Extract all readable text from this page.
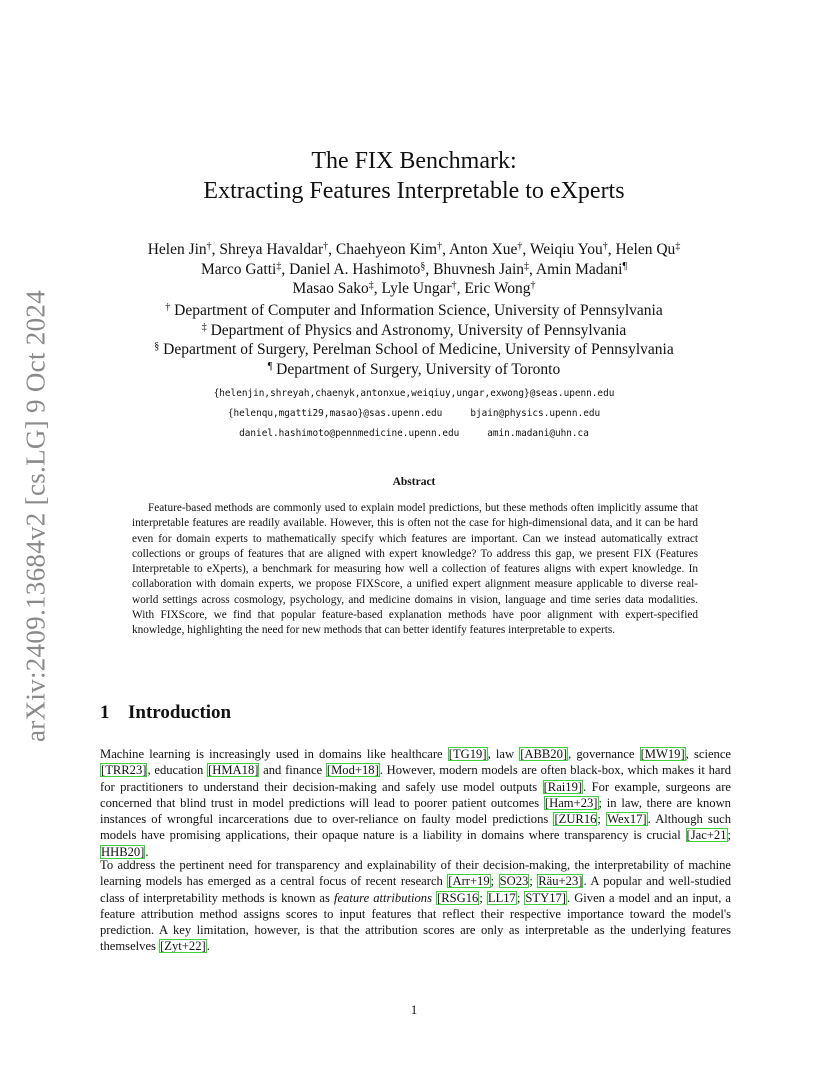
arXiv:2409.13684v2 [cs.LG] 9 Oct 2024
The FIX Benchmark:
Extracting Features Interpretable to eXperts
Helen Jin†, Shreya Havaldar†, Chaehyeon Kim†, Anton Xue†, Weiqiu You†, Helen Qu‡
Marco Gatti‡, Daniel A. Hashimoto§, Bhuvnesh Jain‡, Amin Madani¶
Masao Sako‡, Lyle Ungar†, Eric Wong†
† Department of Computer and Information Science, University of Pennsylvania
‡ Department of Physics and Astronomy, University of Pennsylvania
§ Department of Surgery, Perelman School of Medicine, University of Pennsylvania
¶ Department of Surgery, University of Toronto
{helenjin,shreyah,chaenyk,antonxue,weiqiuy,ungar,exwong}@seas.upenn.edu
{helenqu,mgatti29,masao}@sas.upenn.edu	bjain@physics.upenn.edu
daniel.hashimoto@pennmedicine.upenn.edu	amin.madani@uhn.ca
Abstract
Feature-based methods are commonly used to explain model predictions, but these methods often implicitly assume that interpretable features are readily available. However, this is often not the case for high-dimensional data, and it can be hard even for domain experts to mathematically specify which features are important. Can we instead automatically extract collections or groups of features that are aligned with expert knowledge? To address this gap, we present FIX (Features Interpretable to eXperts), a benchmark for measuring how well a collection of features aligns with expert knowledge. In collaboration with domain experts, we propose FIXScore, a unified expert alignment measure applicable to diverse real-world settings across cosmology, psychology, and medicine domains in vision, language and time series data modalities. With FIXScore, we find that popular feature-based explanation methods have poor alignment with expert-specified knowledge, highlighting the need for new methods that can better identify features interpretable to experts.
1 Introduction

Machine learning is increasingly used in domains like healthcare [TG19], law [ABB20], governance [MW19], science [TRR23], education [HMA18] and finance [Mod+18]. However, modern models are often black-box, which makes it hard for practitioners to understand their decision-making and safely use model outputs [Rai19]. For example, surgeons are concerned that blind trust in model predictions will lead to poorer patient outcomes [Ham+23]; in law, there are known instances of wrongful incarcerations due to over-reliance on faulty model predictions [ZUR16; Wex17]. Although such models have promising applications, their opaque nature is a liability in domains where transparency is crucial [Jac+21; HHB20].

To address the pertinent need for transparency and explainability of their decision-making, the interpretability of machine learning models has emerged as a central focus of recent research [Arr+19; SO23; Räu+23]. A popular and well-studied class of interpretability methods is known as feature attributions [RSG16; LL17; STY17]. Given a model and an input, a feature attribution method assigns scores to input features that reflect their respective importance toward the model's prediction. A key limitation, however, is that the attribution scores are only as interpretable as the underlying features themselves [Zyt+22].

1
